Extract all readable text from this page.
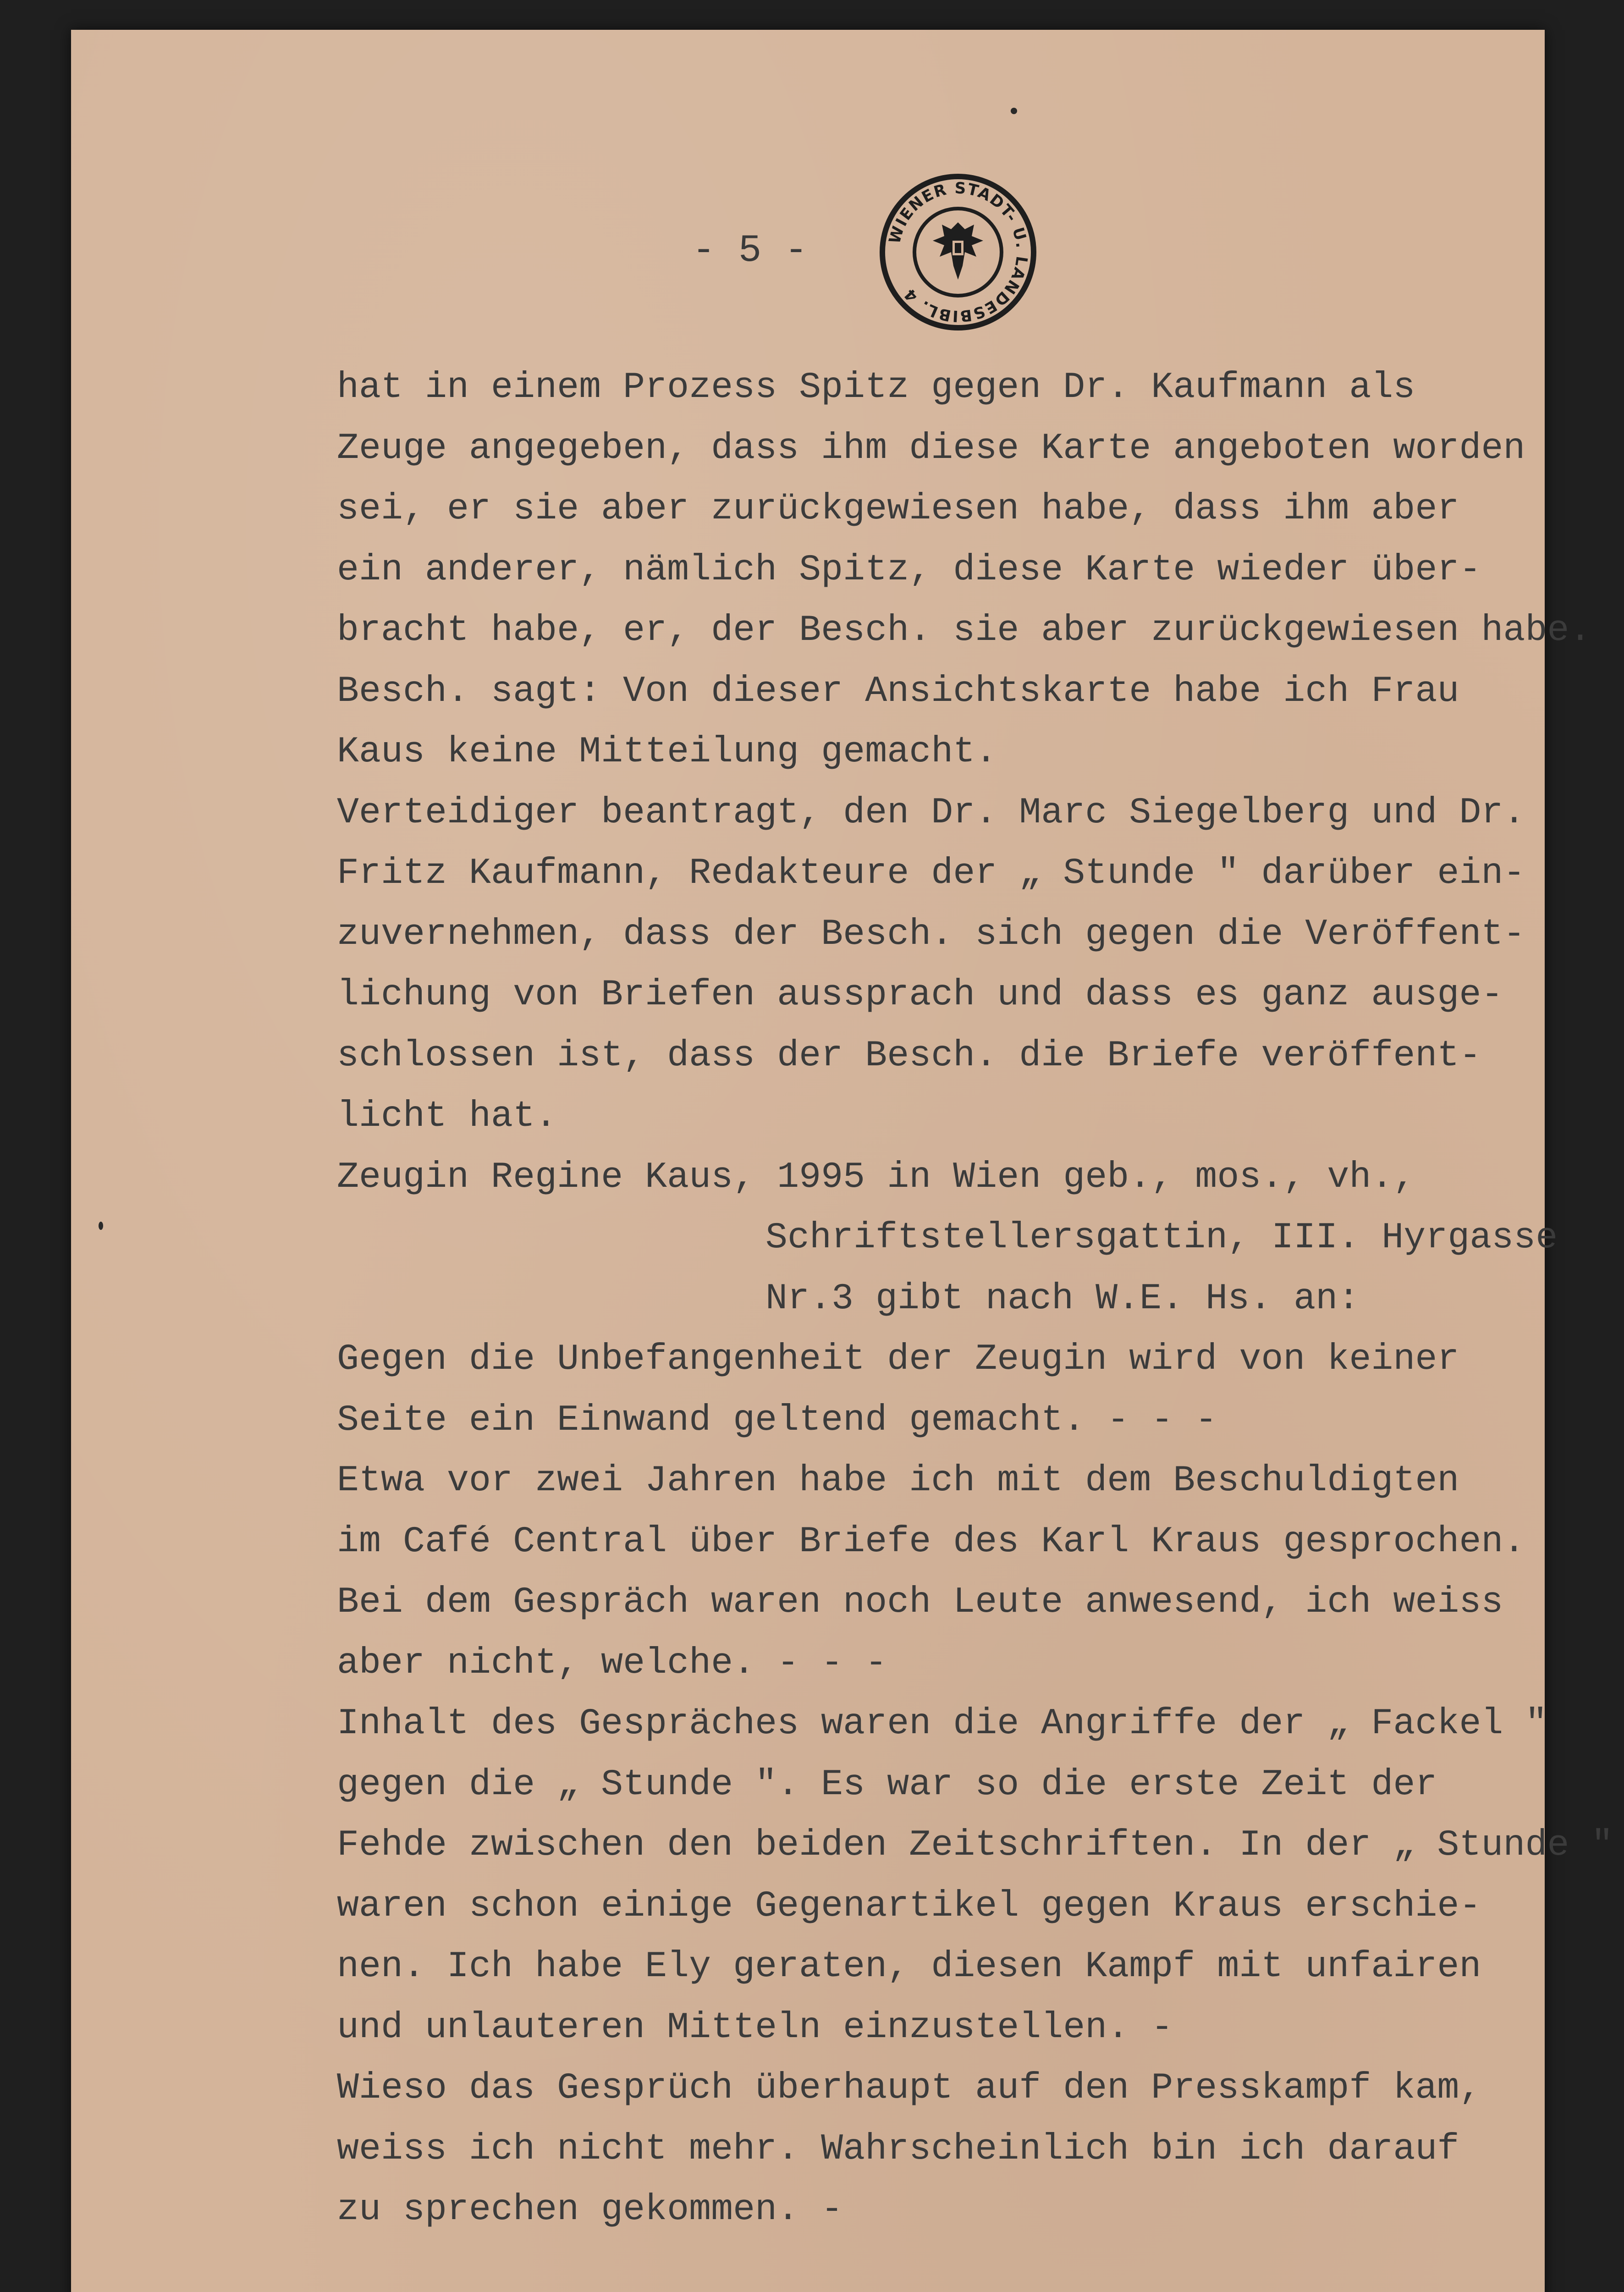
- 5 -	WIENER STADT- U. LANDESBIBL. 4
hat in einem Prozess Spitz gegen Dr. Kaufmann als
Zeuge angegeben, dass ihm diese Karte angeboten worden
sei, er sie aber zurückgewiesen habe, dass ihm aber
ein anderer, nämlich Spitz, diese Karte wieder über-
bracht habe, er, der Besch. sie aber zurückgewiesen habe.
Besch. sagt: Von dieser Ansichtskarte habe ich Frau
Kaus keine Mitteilung gemacht.
Verteidiger beantragt, den Dr. Marc Siegelberg und Dr.
Fritz Kaufmann, Redakteure der „ Stunde " darüber ein-
zuvernehmen, dass der Besch. sich gegen die Veröffent-
lichung von Briefen aussprach und dass es ganz ausge-
schlossen ist, dass der Besch. die Briefe veröffent-
licht hat.
Zeugin Regine Kaus, 1995 in Wien geb., mos., vh.,
Schriftstellersgattin, III. Hyrgasse
Nr.3 gibt nach W.E. Hs. an:
Gegen die Unbefangenheit der Zeugin wird von keiner
Seite ein Einwand geltend gemacht. - - -
Etwa vor zwei Jahren habe ich mit dem Beschuldigten
im Café Central über Briefe des Karl Kraus gesprochen.
Bei dem Gespräch waren noch Leute anwesend, ich weiss
aber nicht, welche. - - -
Inhalt des Gespräches waren die Angriffe der „ Fackel "
gegen die „ Stunde ". Es war so die erste Zeit der
Fehde zwischen den beiden Zeitschriften. In der „ Stunde "
waren schon einige Gegenartikel gegen Kraus erschie-
nen. Ich habe Ely geraten, diesen Kampf mit unfairen
und unlauteren Mitteln einzustellen. -
Wieso das Gesprüch überhaupt auf den Presskampf kam,
weiss ich nicht mehr. Wahrscheinlich bin ich darauf
zu sprechen gekommen. -
